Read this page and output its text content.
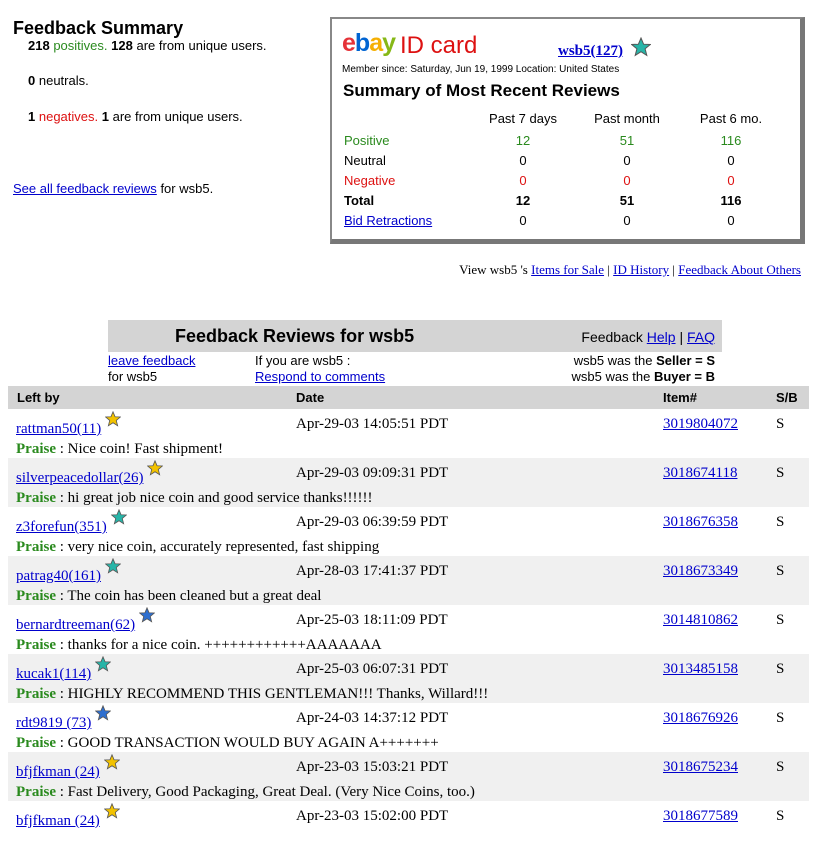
Feedback Summary
218 positives. 128 are from unique users.
0 neutrals.
1 negatives. 1 are from unique users.
See all feedback reviews for wsb5.
ebay ID card	wsb5(127)
Member since: Saturday, Jun 19, 1999 Location: United States
Summary of Most Recent Reviews
	Past 7 days	Past month	Past 6 mo.
Positive	12	51	116
Neutral	0	0	0
Negative	0	0	0
Total	12	51	116
Bid Retractions	0	0	0
View wsb5 's Items for Sale | ID History | Feedback About Others
Feedback Reviews for wsb5	Feedback Help | FAQ
leave feedback
for wsb5
If you are wsb5 :
Respond to comments
wsb5 was the Seller = S
wsb5 was the Buyer = B
Left by	Date	Item#	S/B
rattman50(11)	Apr-29-03 14:05:51 PDT	3019804072	S
Praise : Nice coin! Fast shipment!
silverpeacedollar(26)	Apr-29-03 09:09:31 PDT	3018674118	S
Praise : hi great job nice coin and good service thanks!!!!!!
z3forefun(351)	Apr-29-03 06:39:59 PDT	3018676358	S
Praise : very nice coin, accurately represented, fast shipping
patrag40(161)	Apr-28-03 17:41:37 PDT	3018673349	S
Praise : The coin has been cleaned but a great deal
bernardtreeman(62)	Apr-25-03 18:11:09 PDT	3014810862	S
Praise : thanks for a nice coin. ++++++++++++AAAAAAA
kucak1(114)	Apr-25-03 06:07:31 PDT	3013485158	S
Praise : HIGHLY RECOMMEND THIS GENTLEMAN!!! Thanks, Willard!!!
rdt9819 (73)	Apr-24-03 14:37:12 PDT	3018676926	S
Praise : GOOD TRANSACTION WOULD BUY AGAIN A+++++++
bfjfkman (24)	Apr-23-03 15:03:21 PDT	3018675234	S
Praise : Fast Delivery, Good Packaging, Great Deal. (Very Nice Coins, too.)
bfjfkman (24)	Apr-23-03 15:02:00 PDT	3018677589	S
